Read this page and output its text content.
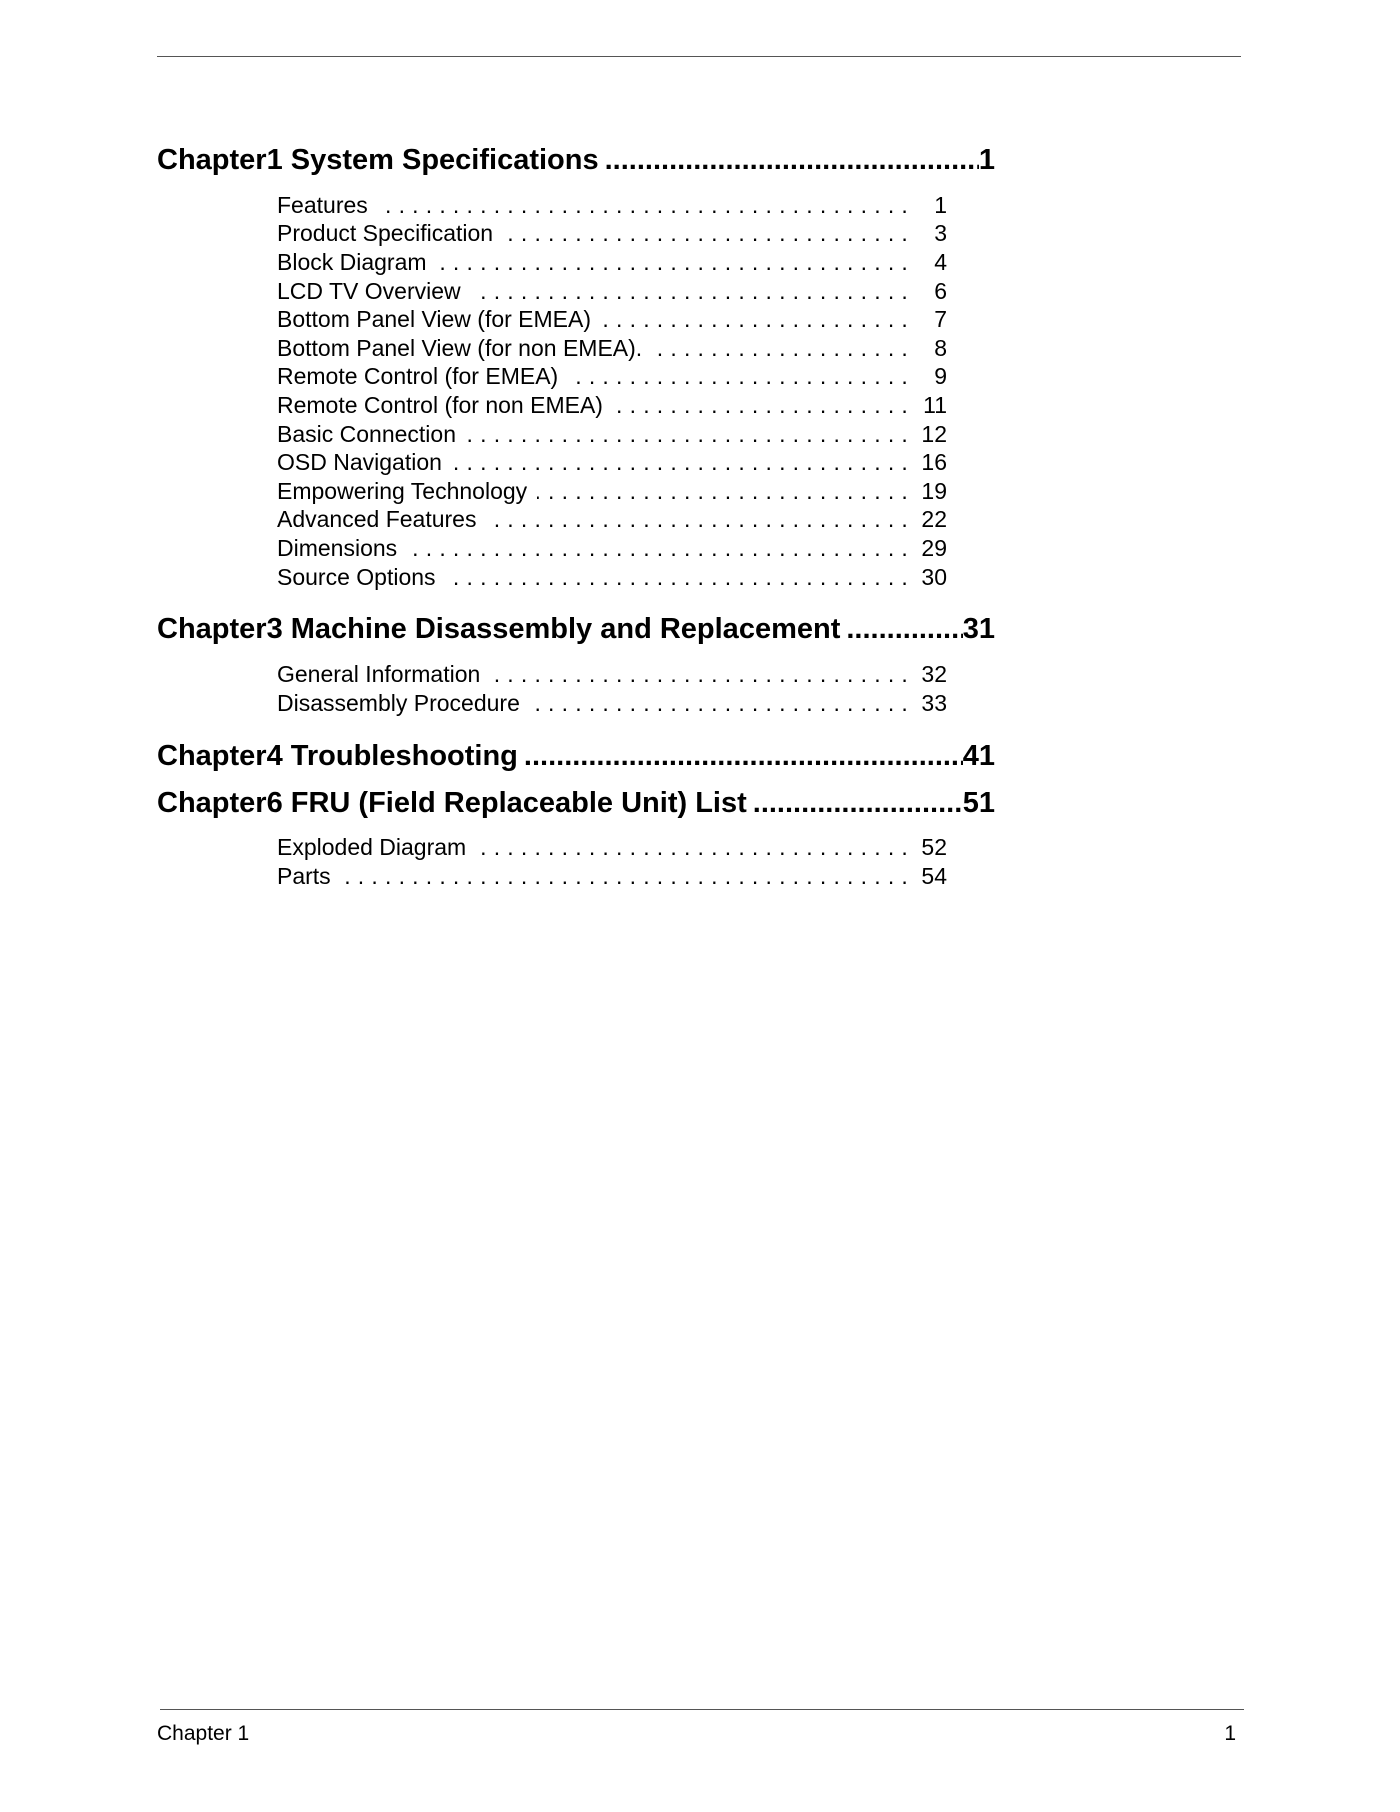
Chapter1 System Specifications .....	1
Features .....	1
Product Specification .....	3
Block Diagram .....	4
LCD TV Overview .....	6
Bottom Panel View (for EMEA) .....	7
Bottom Panel View (for non EMEA). .....	8
Remote Control (for EMEA) .....	9
Remote Control (for non EMEA) .....	11
Basic Connection .....	12
OSD Navigation .....	16
Empowering Technology .....	19
Advanced Features .....	22
Dimensions .....	29
Source Options .....	30
Chapter3 Machine Disassembly and Replacement .....	31
General Information .....	32
Disassembly Procedure .....	33
Chapter4 Troubleshooting .....	41
Chapter6 FRU (Field Replaceable Unit) List .....	51
Exploded Diagram .....	52
Parts .....	54
Chapter 1	1
